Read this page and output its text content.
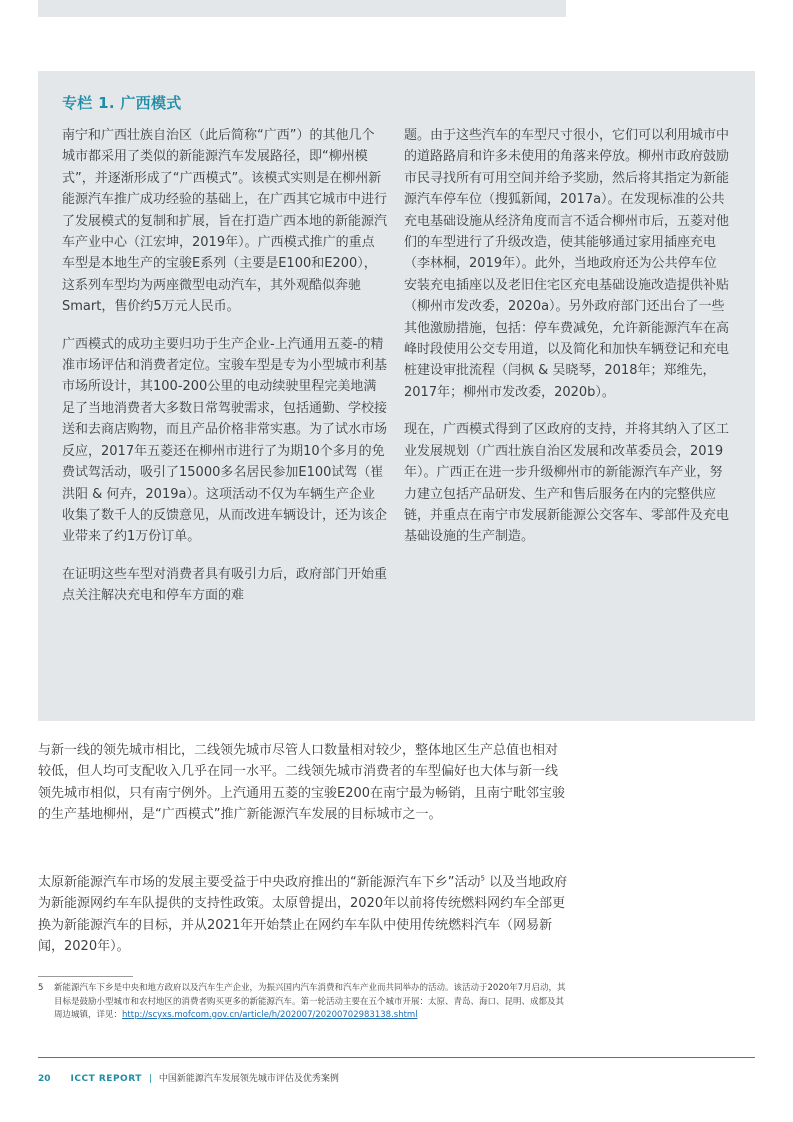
专栏 1. 广西模式

南宁和广西壮族自治区（此后简称“广西”）的其他几个城市都采用了类似的新能源汽车发展路径，即“柳州模式”，并逐渐形成了“广西模式”。该模式实则是在柳州新能源汽车推广成功经验的基础上，在广西其它城市中进行了发展模式的复制和扩展，旨在打造广西本地的新能源汽车产业中心（江宏坤，2019年）。广西模式推广的重点车型是本地生产的宝骏E系列（主要是E100和E200），这系列车型均为两座微型电动汽车，其外观酷似奔驰Smart，售价约5万元人民币。

广西模式的成功主要归功于生产企业-上汽通用五菱-的精准市场评估和消费者定位。宝骏车型是专为小型城市利基市场所设计，其100-200公里的电动续驶里程完美地满足了当地消费者大多数日常驾驶需求，包括通勤、学校接送和去商店购物，而且产品价格非常实惠。为了试水市场反应，2017年五菱还在柳州市进行了为期10个多月的免费试驾活动，吸引了15000多名居民参加E100试驾（崔洪阳 & 何卉，2019a）。这项活动不仅为车辆生产企业收集了数千人的反馈意见，从而改进车辆设计，还为该企业带来了约1万份订单。

在证明这些车型对消费者具有吸引力后，政府部门开始重点关注解决充电和停车方面的难

题。由于这些汽车的车型尺寸很小，它们可以利用城市中的道路路肩和许多未使用的角落来停放。柳州市政府鼓励市民寻找所有可用空间并给予奖励，然后将其指定为新能源汽车停车位（搜狐新闻，2017a）。在发现标准的公共充电基础设施从经济角度而言不适合柳州市后，五菱对他们的车型进行了升级改造，使其能够通过家用插座充电（李林桐，2019年）。此外，当地政府还为公共停车位安装充电插座以及老旧住宅区充电基础设施改造提供补贴（柳州市发改委，2020a）。另外政府部门还出台了一些其他激励措施，包括：停车费减免，允许新能源汽车在高峰时段使用公交专用道，以及简化和加快车辆登记和充电桩建设审批流程（闫枫 & 吴晓琴，2018年；郑维先，2017年；柳州市发改委，2020b）。

现在，广西模式得到了区政府的支持，并将其纳入了区工业发展规划（广西壮族自治区发展和改革委员会，2019年）。广西正在进一步升级柳州市的新能源汽车产业，努力建立包括产品研发、生产和售后服务在内的完整供应链，并重点在南宁市发展新能源公交客车、零部件及充电基础设施的生产制造。

与新一线的领先城市相比，二线领先城市尽管人口数量相对较少，整体地区生产总值也相对较低，但人均可支配收入几乎在同一水平。二线领先城市消费者的车型偏好也大体与新一线领先城市相似，只有南宁例外。上汽通用五菱的宝骏E200在南宁最为畅销，且南宁毗邻宝骏的生产基地柳州，是“广西模式”推广新能源汽车发展的目标城市之一。

太原新能源汽车市场的发展主要受益于中央政府推出的“新能源汽车下乡”活动$^5$ 以及当地政府为新能源网约车车队提供的支持性政策。太原曾提出，2020年以前将传统燃料网约车全部更换为新能源汽车的目标，并从2021年开始禁止在网约车车队中使用传统燃料汽车（网易新闻，2020年）。

5 新能源汽车下乡是中央和地方政府以及汽车生产企业，为振兴国内汽车消费和汽车产业而共同举办的活动。该活动于2020年7月启动，其目标是鼓励小型城市和农村地区的消费者购买更多的新能源汽车。第一轮活动主要在五个城市开展：太原、青岛、海口、昆明、成都及其周边城镇，详见：http://scyxs.mofcom.gov.cn/article/h/202007/20200702983138.shtml
20 ICCT REPORT | 中国新能源汽车发展领先城市评估及优秀案例
